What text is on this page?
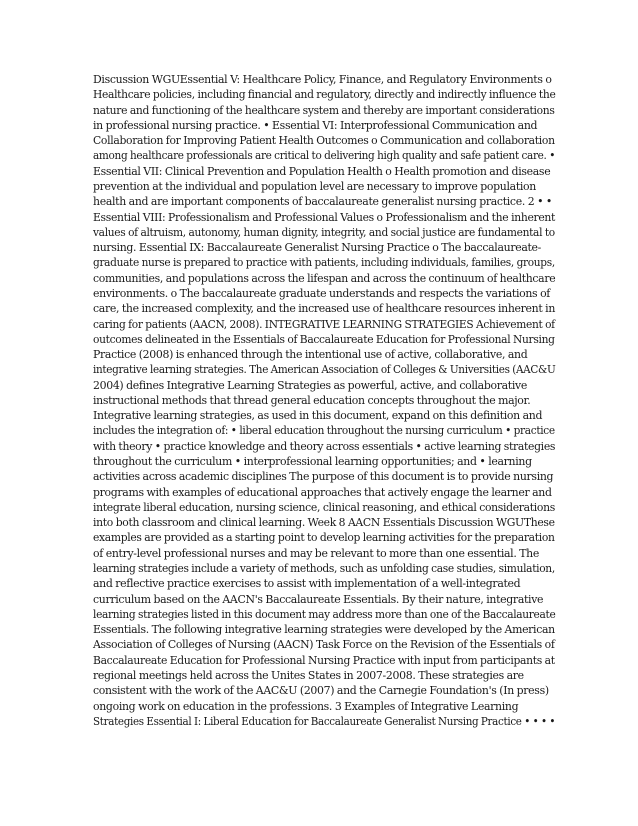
Discussion WGUEssential V: Healthcare Policy, Finance, and Regulatory Environments o
Healthcare policies, including financial and regulatory, directly and indirectly influence the
nature and functioning of the healthcare system and thereby are important considerations
in professional nursing practice. • Essential VI: Interprofessional Communication and
Collaboration for Improving Patient Health Outcomes o Communication and collaboration
among healthcare professionals are critical to delivering high quality and safe patient care. •
Essential VII: Clinical Prevention and Population Health o Health promotion and disease
prevention at the individual and population level are necessary to improve population
health and are important components of baccalaureate generalist nursing practice. 2 • •
Essential VIII: Professionalism and Professional Values o Professionalism and the inherent
values of altruism, autonomy, human dignity, integrity, and social justice are fundamental to
nursing. Essential IX: Baccalaureate Generalist Nursing Practice o The baccalaureate-
graduate nurse is prepared to practice with patients, including individuals, families, groups,
communities, and populations across the lifespan and across the continuum of healthcare
environments. o The baccalaureate graduate understands and respects the variations of
care, the increased complexity, and the increased use of healthcare resources inherent in
caring for patients (AACN, 2008). INTEGRATIVE LEARNING STRATEGIES Achievement of
outcomes delineated in the Essentials of Baccalaureate Education for Professional Nursing
Practice (2008) is enhanced through the intentional use of active, collaborative, and
integrative learning strategies. The American Association of Colleges & Universities (AAC&U
2004) defines Integrative Learning Strategies as powerful, active, and collaborative
instructional methods that thread general education concepts throughout the major.
Integrative learning strategies, as used in this document, expand on this definition and
includes the integration of: • liberal education throughout the nursing curriculum • practice
with theory • practice knowledge and theory across essentials • active learning strategies
throughout the curriculum • interprofessional learning opportunities; and • learning
activities across academic disciplines The purpose of this document is to provide nursing
programs with examples of educational approaches that actively engage the learner and
integrate liberal education, nursing science, clinical reasoning, and ethical considerations
into both classroom and clinical learning. Week 8 AACN Essentials Discussion WGUThese
examples are provided as a starting point to develop learning activities for the preparation
of entry-level professional nurses and may be relevant to more than one essential. The
learning strategies include a variety of methods, such as unfolding case studies, simulation,
and reflective practice exercises to assist with implementation of a well-integrated
curriculum based on the AACN's Baccalaureate Essentials. By their nature, integrative
learning strategies listed in this document may address more than one of the Baccalaureate
Essentials. The following integrative learning strategies were developed by the American
Association of Colleges of Nursing (AACN) Task Force on the Revision of the Essentials of
Baccalaureate Education for Professional Nursing Practice with input from participants at
regional meetings held across the Unites States in 2007-2008. These strategies are
consistent with the work of the AAC&U (2007) and the Carnegie Foundation's (In press)
ongoing work on education in the professions. 3 Examples of Integrative Learning
Strategies Essential I: Liberal Education for Baccalaureate Generalist Nursing Practice • • • •
